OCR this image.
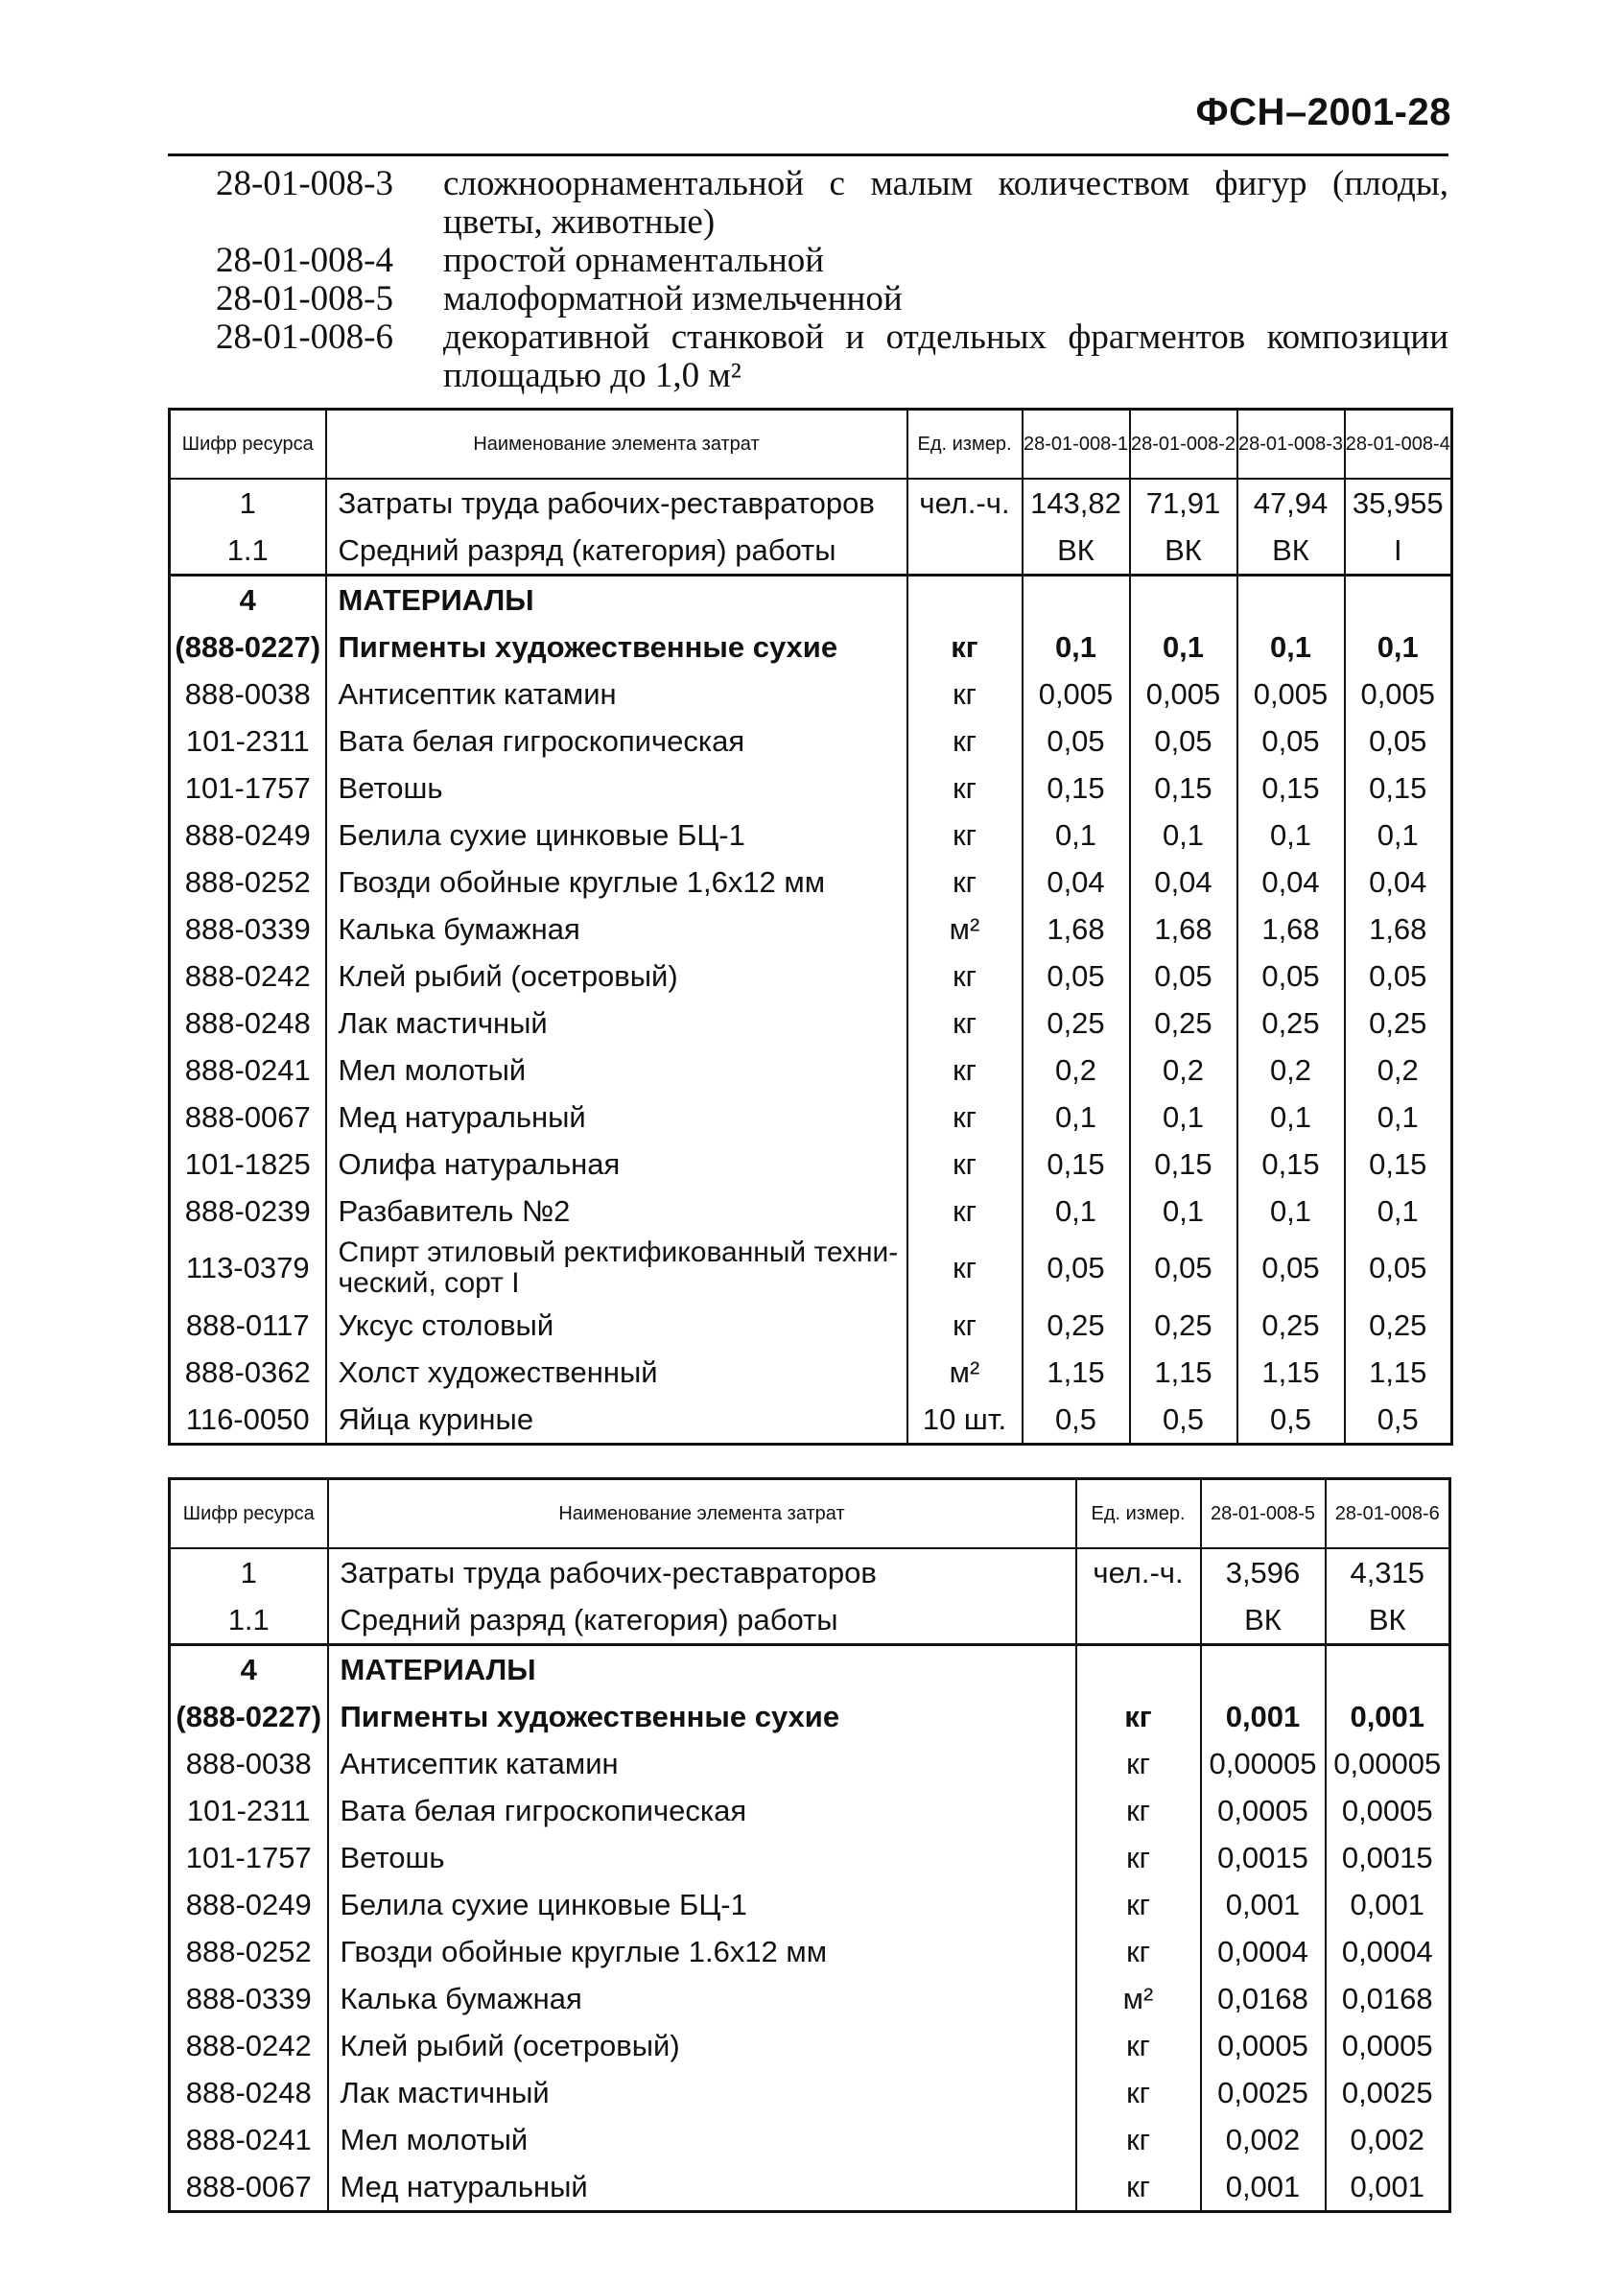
ФСН–2001-28
28-01-008-3	сложноорнаментальной с малым количеством фигур (плоды, цветы, животные)
28-01-008-4	простой орнаментальной
28-01-008-5	малоформатной измельченной
28-01-008-6	декоративной станковой и отдельных фрагментов композиции площадью до 1,0 м²
Шифр ресурса	Наименование элемента затрат	Ед. измер.	28-01-008-1	28-01-008-2	28-01-008-3	28-01-008-4
1	Затраты труда рабочих-реставраторов	чел.-ч.	143,82	71,91	47,94	35,955
1.1	Средний разряд (категория) работы		ВК	ВК	ВК	I
4	МАТЕРИАЛЫ					
(888-0227)	Пигменты художественные сухие	кг	0,1	0,1	0,1	0,1
888-0038	Антисептик катамин	кг	0,005	0,005	0,005	0,005
101-2311	Вата белая гигроскопическая	кг	0,05	0,05	0,05	0,05
101-1757	Ветошь	кг	0,15	0,15	0,15	0,15
888-0249	Белила сухие цинковые БЦ-1	кг	0,1	0,1	0,1	0,1
888-0252	Гвозди обойные круглые 1,6х12 мм	кг	0,04	0,04	0,04	0,04
888-0339	Калька бумажная	м²	1,68	1,68	1,68	1,68
888-0242	Клей рыбий (осетровый)	кг	0,05	0,05	0,05	0,05
888-0248	Лак мастичный	кг	0,25	0,25	0,25	0,25
888-0241	Мел молотый	кг	0,2	0,2	0,2	0,2
888-0067	Мед натуральный	кг	0,1	0,1	0,1	0,1
101-1825	Олифа натуральная	кг	0,15	0,15	0,15	0,15
888-0239	Разбавитель №2	кг	0,1	0,1	0,1	0,1
113-0379	Спирт этиловый ректификованный технический, сорт I	кг	0,05	0,05	0,05	0,05
888-0117	Уксус столовый	кг	0,25	0,25	0,25	0,25
888-0362	Холст художественный	м²	1,15	1,15	1,15	1,15
116-0050	Яйца куриные	10 шт.	0,5	0,5	0,5	0,5
Шифр ресурса	Наименование элемента затрат	Ед. измер.	28-01-008-5	28-01-008-6
1	Затраты труда рабочих-реставраторов	чел.-ч.	3,596	4,315
1.1	Средний разряд (категория) работы		ВК	ВК
4	МАТЕРИАЛЫ			
(888-0227)	Пигменты художественные сухие	кг	0,001	0,001
888-0038	Антисептик катамин	кг	0,00005	0,00005
101-2311	Вата белая гигроскопическая	кг	0,0005	0,0005
101-1757	Ветошь	кг	0,0015	0,0015
888-0249	Белила сухие цинковые БЦ-1	кг	0,001	0,001
888-0252	Гвозди обойные круглые 1.6х12 мм	кг	0,0004	0,0004
888-0339	Калька бумажная	м²	0,0168	0,0168
888-0242	Клей рыбий (осетровый)	кг	0,0005	0,0005
888-0248	Лак мастичный	кг	0,0025	0,0025
888-0241	Мел молотый	кг	0,002	0,002
888-0067	Мед натуральный	кг	0,001	0,001
